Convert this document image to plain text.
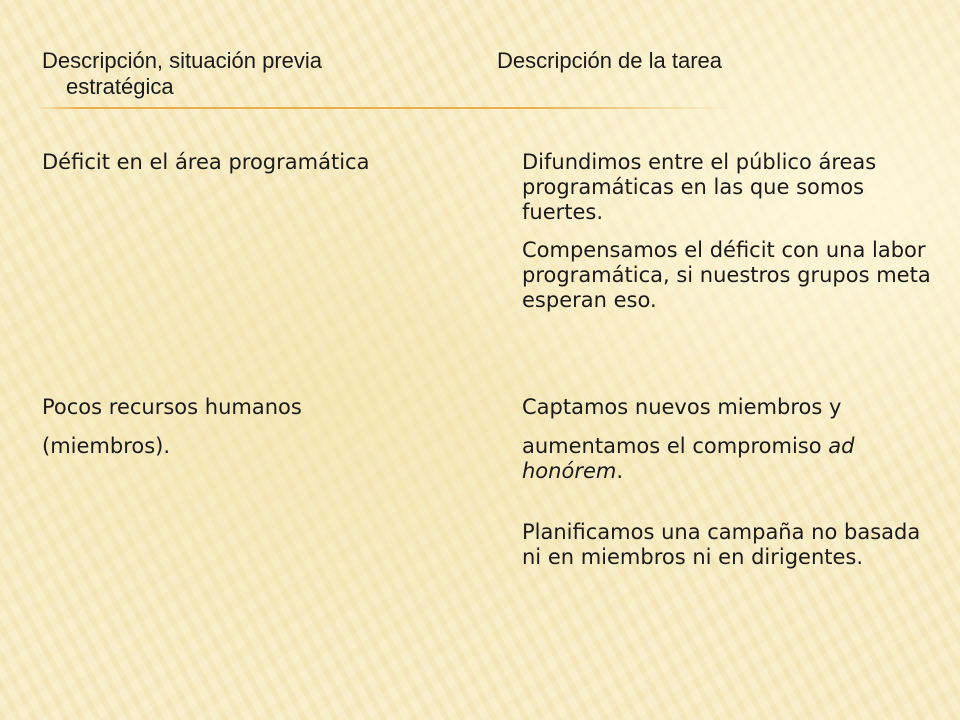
Descripción, situación previa
estratégica
Descripción de la tarea
Déficit en el área programática	Difundimos entre el público áreas programáticas en las que somos fuertes.
Compensamos el déficit con una labor programática, si nuestros grupos meta esperan eso.
Pocos recursos humanos
(miembros).
Captamos nuevos miembros y
aumentamos el compromiso ad honórem.
Planificamos una campaña no basada ni en miembros ni en dirigentes.
